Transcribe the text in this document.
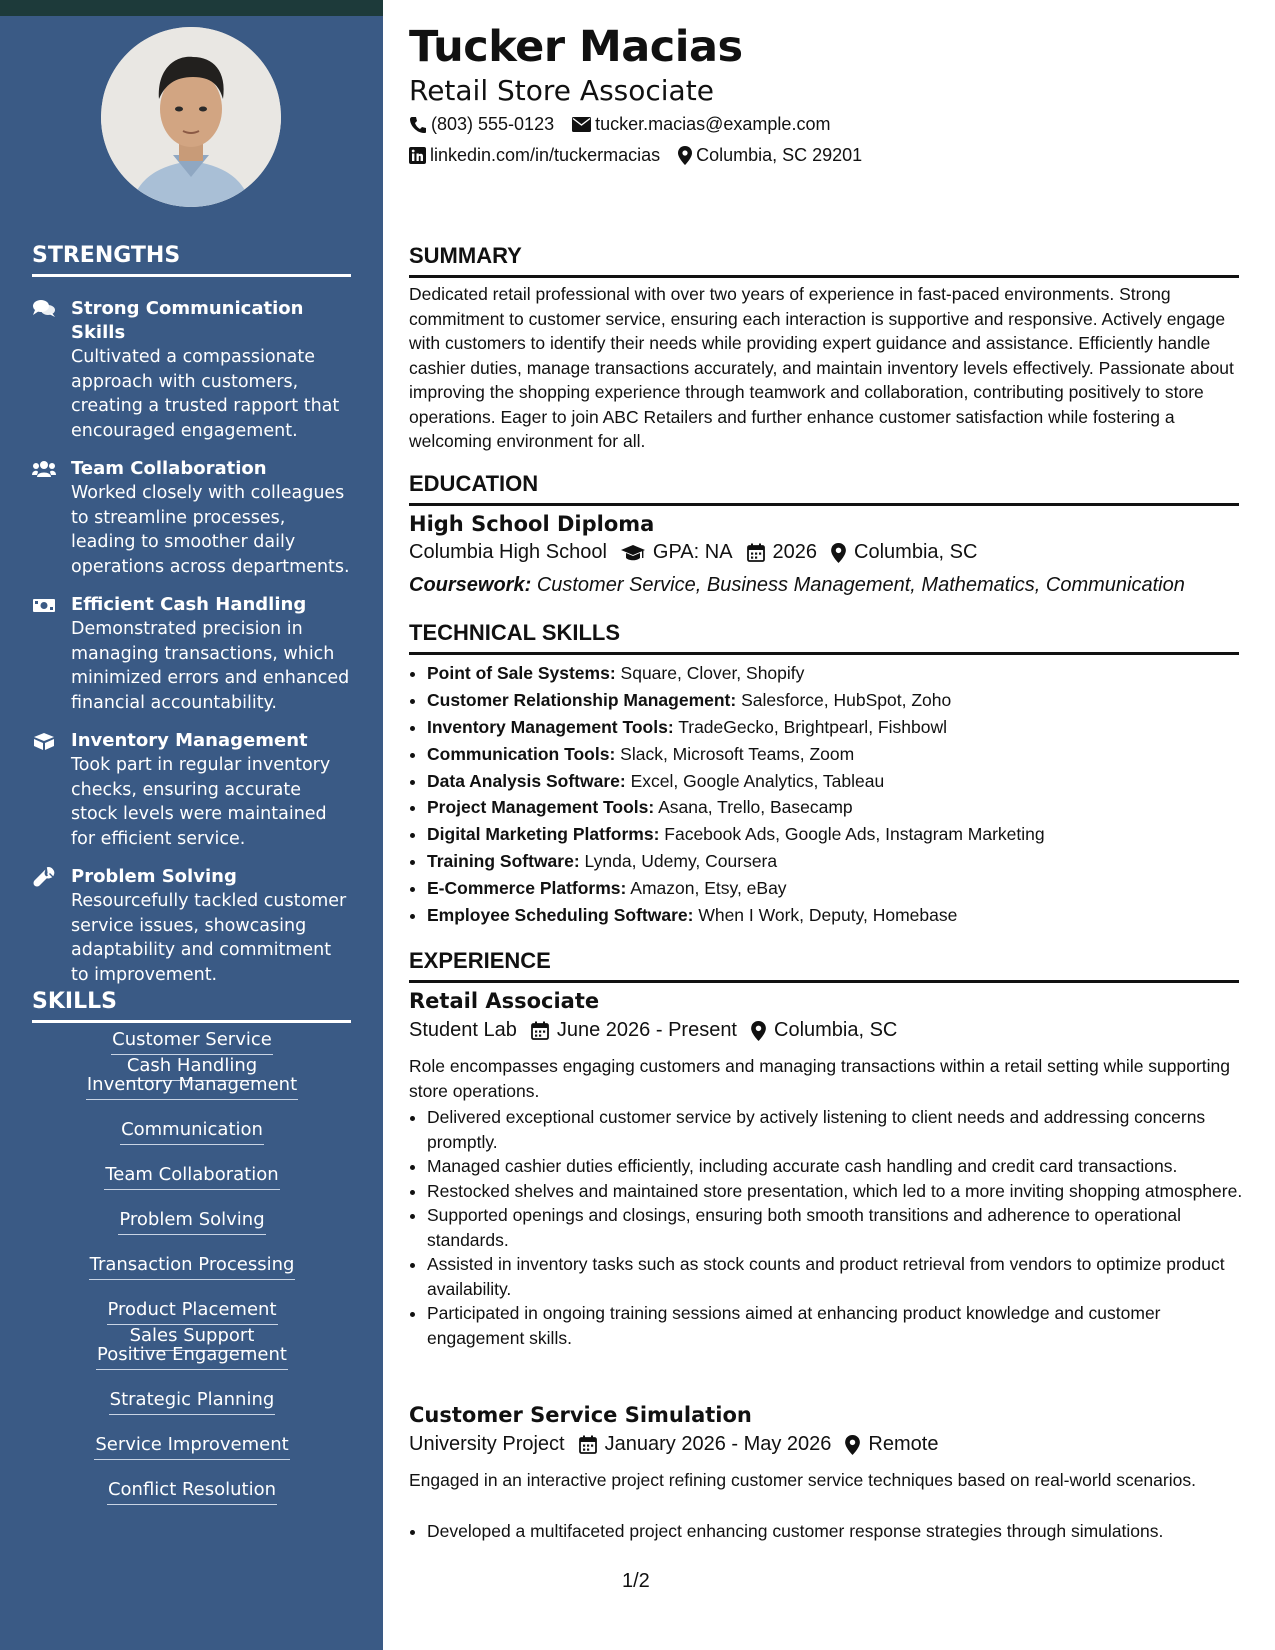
STRENGTHS
Strong Communication Skills
Cultivated a compassionate approach with customers, creating a trusted rapport that encouraged engagement.
Team Collaboration
Worked closely with colleagues to streamline processes, leading to smoother daily operations across departments.
Efficient Cash Handling
Demonstrated precision in managing transactions, which minimized errors and enhanced financial accountability.
Inventory Management
Took part in regular inventory checks, ensuring accurate stock levels were maintained for efficient service.
Problem Solving
Resourcefully tackled customer service issues, showcasing adaptability and commitment to improvement.
SKILLS
Customer ServiceCash Handling
Inventory Management
Communication
Team Collaboration
Problem Solving
Transaction Processing
Product PlacementSales Support
Positive Engagement
Strategic Planning
Service Improvement
Conflict Resolution
Tucker Macias
Retail Store Associate
(803) 555-0123 tucker.macias@example.com
linkedin.com/in/tuckermacias Columbia, SC 29201
SUMMARY
Dedicated retail professional with over two years of experience in fast-paced environments. Strong commitment to customer service, ensuring each interaction is supportive and responsive. Actively engage with customers to identify their needs while providing expert guidance and assistance. Efficiently handle cashier duties, manage transactions accurately, and maintain inventory levels effectively. Passionate about improving the shopping experience through teamwork and collaboration, contributing positively to store operations. Eager to join ABC Retailers and further enhance customer satisfaction while fostering a welcoming environment for all.
EDUCATION
High School Diploma
Columbia High School GPA: NA 2026 Columbia, SC
Coursework: Customer Service, Business Management, Mathematics, Communication
TECHNICAL SKILLS
• Point of Sale Systems: Square, Clover, Shopify
• Customer Relationship Management: Salesforce, HubSpot, Zoho
• Inventory Management Tools: TradeGecko, Brightpearl, Fishbowl
• Communication Tools: Slack, Microsoft Teams, Zoom
• Data Analysis Software: Excel, Google Analytics, Tableau
• Project Management Tools: Asana, Trello, Basecamp
• Digital Marketing Platforms: Facebook Ads, Google Ads, Instagram Marketing
• Training Software: Lynda, Udemy, Coursera
• E-Commerce Platforms: Amazon, Etsy, eBay
• Employee Scheduling Software: When I Work, Deputy, Homebase
EXPERIENCE
Retail Associate
Student Lab June 2026 - Present Columbia, SC
Role encompasses engaging customers and managing transactions within a retail setting while supporting store operations.
• Delivered exceptional customer service by actively listening to client needs and addressing concerns promptly.
• Managed cashier duties efficiently, including accurate cash handling and credit card transactions.
• Restocked shelves and maintained store presentation, which led to a more inviting shopping atmosphere.
• Supported openings and closings, ensuring both smooth transitions and adherence to operational standards.
• Assisted in inventory tasks such as stock counts and product retrieval from vendors to optimize product availability.
• Participated in ongoing training sessions aimed at enhancing product knowledge and customer engagement skills.
Customer Service Simulation
University Project January 2026 - May 2026 Remote
Engaged in an interactive project refining customer service techniques based on real-world scenarios.
• Developed a multifaceted project enhancing customer response strategies through simulations.
1/2
